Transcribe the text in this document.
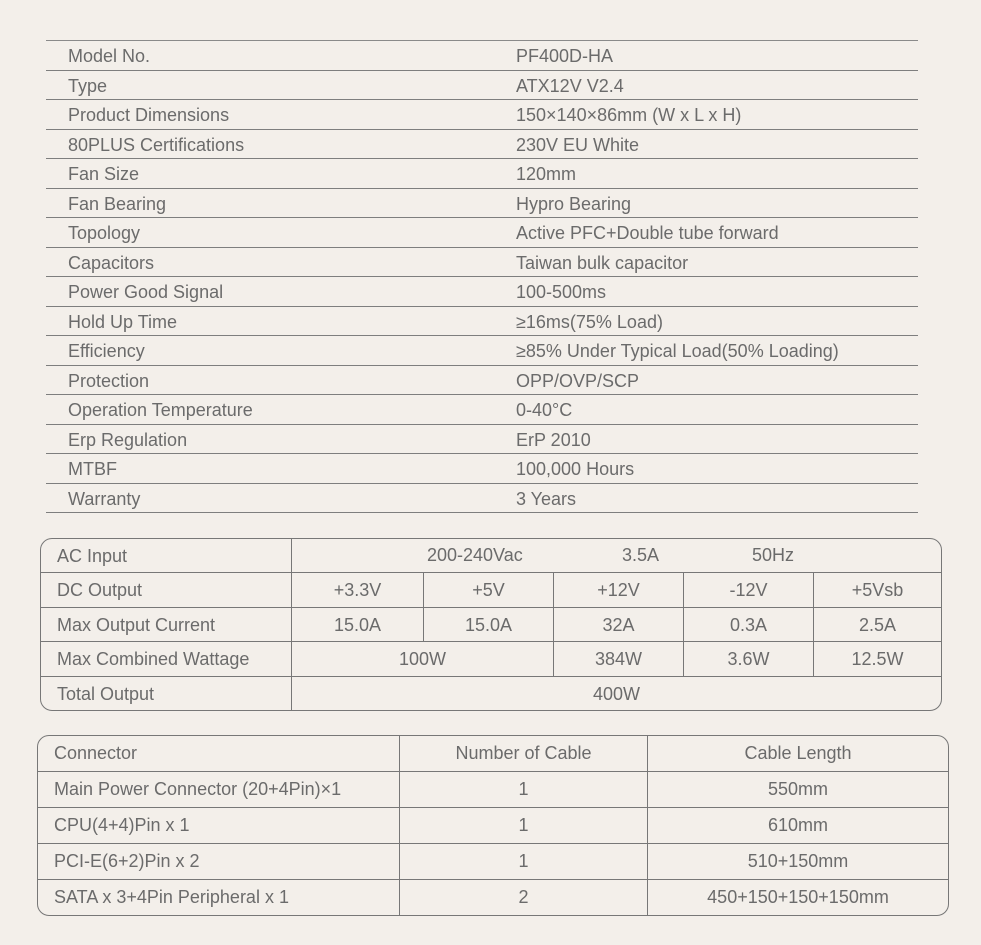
Model No.	PF400D-HA
Type	ATX12V V2.4
Product Dimensions	150×140×86mm (W x L x H)
80PLUS Certifications	230V EU White
Fan Size	120mm
Fan Bearing	Hypro Bearing
Topology	Active PFC+Double tube forward
Capacitors	Taiwan bulk capacitor
Power Good Signal	100-500ms
Hold Up Time	≥16ms(75% Load)
Efficiency	≥85% Under Typical Load(50% Loading)
Protection	OPP/OVP/SCP
Operation Temperature	0-40°C
Erp Regulation	ErP 2010
MTBF	100,000 Hours
Warranty	3 Years
AC Input	200-240Vac	3.5A	50Hz
DC Output	+3.3V	+5V	+12V	-12V	+5Vsb
Max Output Current	15.0A	15.0A	32A	0.3A	2.5A
Max Combined Wattage	100W	384W	3.6W	12.5W
Total Output	400W
Connector	Number of Cable	Cable Length
Main Power Connector (20+4Pin)×1	1	550mm
CPU(4+4)Pin x 1	1	610mm
PCI-E(6+2)Pin x 2	1	510+150mm
SATA x 3+4Pin Peripheral x 1	2	450+150+150+150mm
